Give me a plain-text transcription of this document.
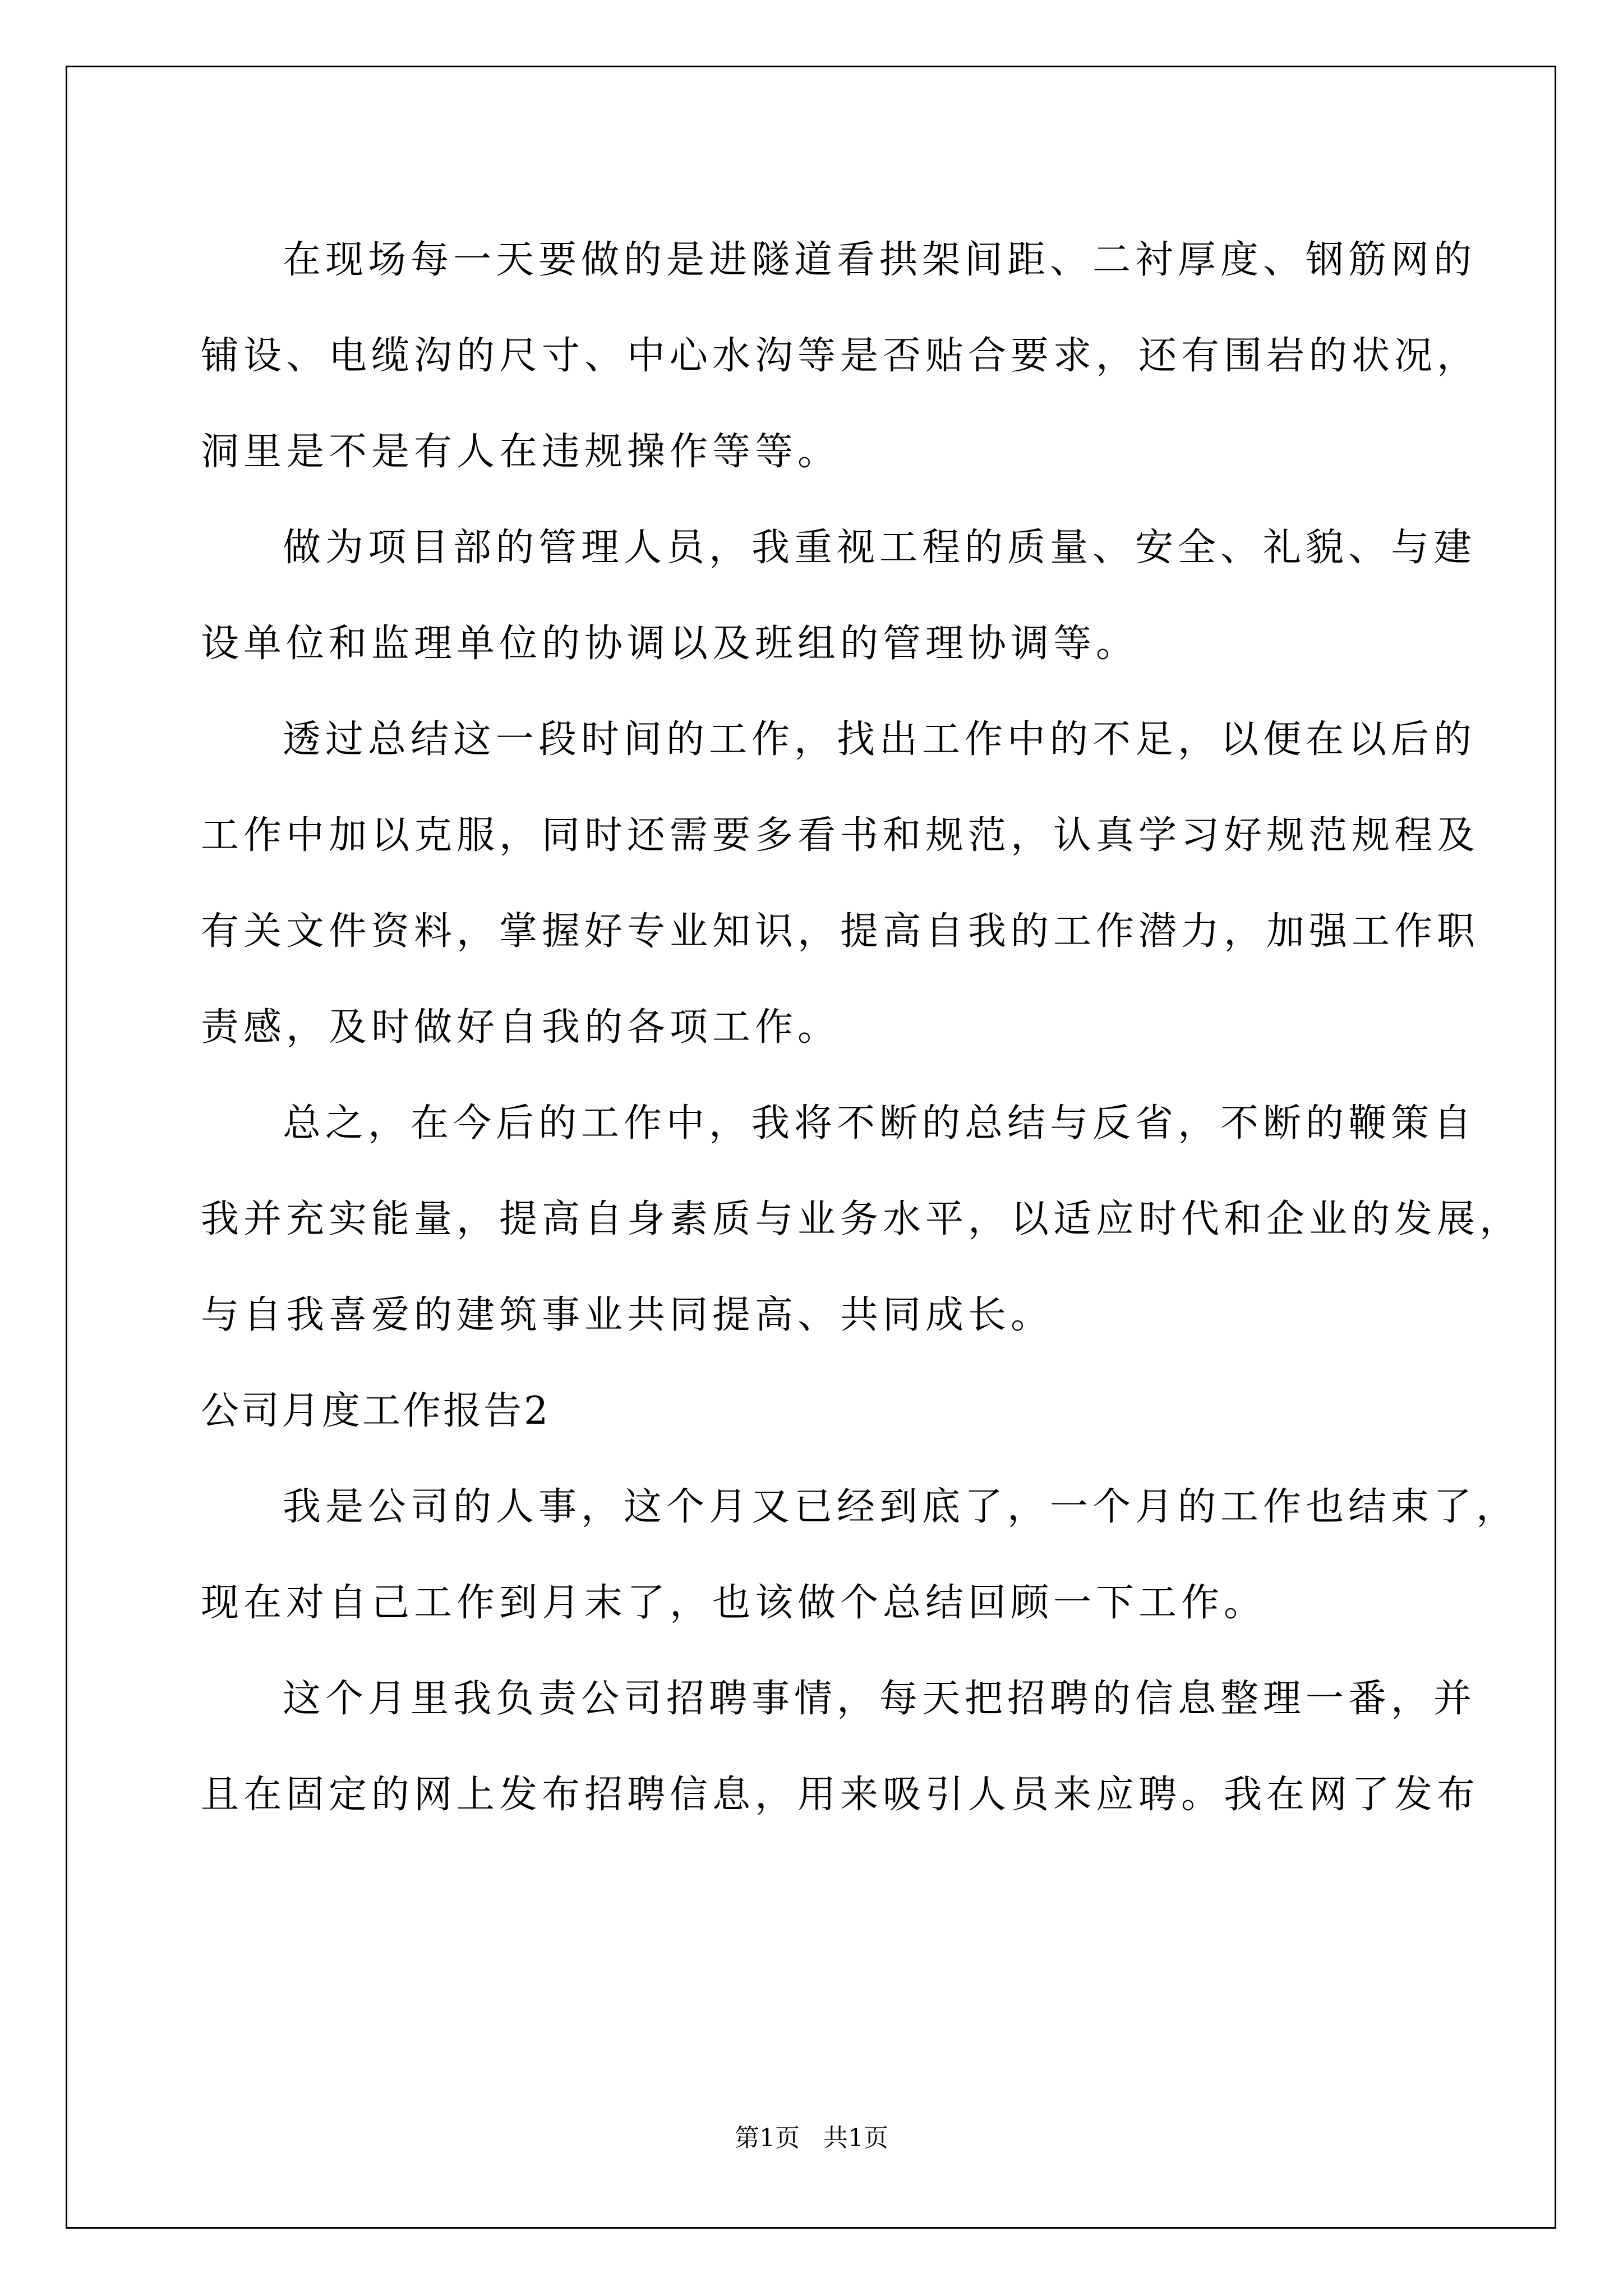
在现场每一天要做的是进隧道看拱架间距、二衬厚度、钢筋网的
铺设、电缆沟的尺寸、中心水沟等是否贴合要求，还有围岩的状况，
洞里是不是有人在违规操作等等。
做为项目部的管理人员，我重视工程的质量、安全、礼貌、与建
设单位和监理单位的协调以及班组的管理协调等。
透过总结这一段时间的工作，找出工作中的不足，以便在以后的
工作中加以克服，同时还需要多看书和规范，认真学习好规范规程及
有关文件资料，掌握好专业知识，提高自我的工作潜力，加强工作职
责感，及时做好自我的各项工作。
总之，在今后的工作中，我将不断的总结与反省，不断的鞭策自
我并充实能量，提高自身素质与业务水平，以适应时代和企业的发展，
与自我喜爱的建筑事业共同提高、共同成长。
公司月度工作报告2
我是公司的人事，这个月又已经到底了，一个月的工作也结束了，
现在对自己工作到月末了，也该做个总结回顾一下工作。
这个月里我负责公司招聘事情，每天把招聘的信息整理一番，并
且在固定的网上发布招聘信息，用来吸引人员来应聘。我在网了发布
第1页   共1页
